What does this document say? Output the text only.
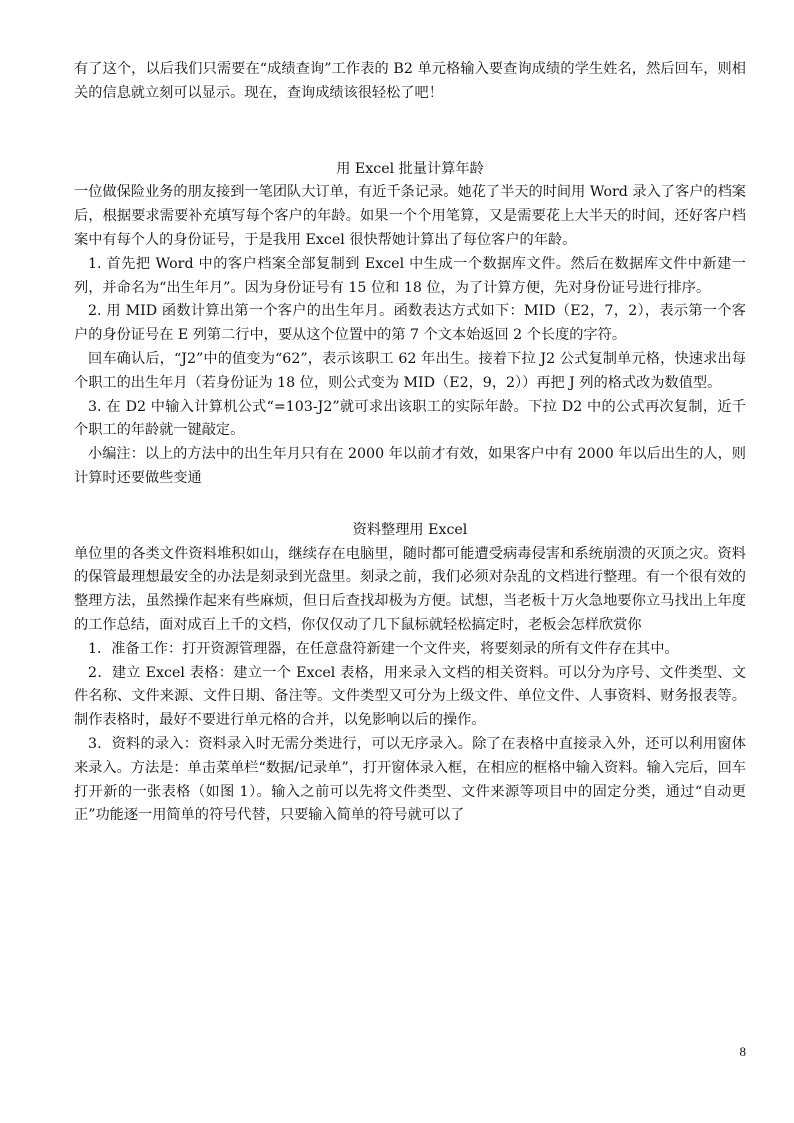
有了这个，以后我们只需要在“成绩查询”工作表的 B2 单元格输入要查询成绩的学生姓名，然后回车，则相关的信息就立刻可以显示。现在，查询成绩该很轻松了吧！

用 Excel 批量计算年龄

一位做保险业务的朋友接到一笔团队大订单，有近千条记录。她花了半天的时间用 Word 录入了客户的档案后，根据要求需要补充填写每个客户的年龄。如果一个个用笔算，又是需要花上大半天的时间，还好客户档案中有每个人的身份证号，于是我用 Excel 很快帮她计算出了每位客户的年龄。

1. 首先把 Word 中的客户档案全部复制到 Excel 中生成一个数据库文件。然后在数据库文件中新建一列，并命名为“出生年月”。因为身份证号有 15 位和 18 位，为了计算方便，先对身份证号进行排序。

2. 用 MID 函数计算出第一个客户的出生年月。函数表达方式如下：MID（E2，7，2），表示第一个客户的身份证号在 E 列第二行中，要从这个位置中的第 7 个文本始返回 2 个长度的字符。

回车确认后，“J2”中的值变为“62”，表示该职工 62 年出生。接着下拉 J2 公式复制单元格，快速求出每个职工的出生年月（若身份证为 18 位，则公式变为 MID（E2，9，2））再把 J 列的格式改为数值型。

3. 在 D2 中输入计算机公式“=103-J2”就可求出该职工的实际年龄。下拉 D2 中的公式再次复制，近千个职工的年龄就一键敲定。

小编注：以上的方法中的出生年月只有在 2000 年以前才有效，如果客户中有 2000 年以后出生的人，则计算时还要做些变通

资料整理用 Excel

单位里的各类文件资料堆积如山，继续存在电脑里，随时都可能遭受病毒侵害和系统崩溃的灭顶之灾。资料的保管最理想最安全的办法是刻录到光盘里。刻录之前，我们必须对杂乱的文档进行整理。有一个很有效的整理方法，虽然操作起来有些麻烦，但日后查找却极为方便。试想，当老板十万火急地要你立马找出上年度的工作总结，面对成百上千的文档，你仅仅动了几下鼠标就轻松搞定时，老板会怎样欣赏你

1．准备工作：打开资源管理器，在任意盘符新建一个文件夹，将要刻录的所有文件存在其中。

2．建立 Excel 表格：建立一个 Excel 表格，用来录入文档的相关资料。可以分为序号、文件类型、文件名称、文件来源、文件日期、备注等。文件类型又可分为上级文件、单位文件、人事资料、财务报表等。制作表格时，最好不要进行单元格的合并，以免影响以后的操作。

3．资料的录入：资料录入时无需分类进行，可以无序录入。除了在表格中直接录入外，还可以利用窗体来录入。方法是：单击菜单栏“数据/记录单”，打开窗体录入框，在相应的框格中输入资料。输入完后，回车打开新的一张表格（如图 1）。输入之前可以先将文件类型、文件来源等项目中的固定分类，通过“自动更正”功能逐一用简单的符号代替，只要输入简单的符号就可以了

8
